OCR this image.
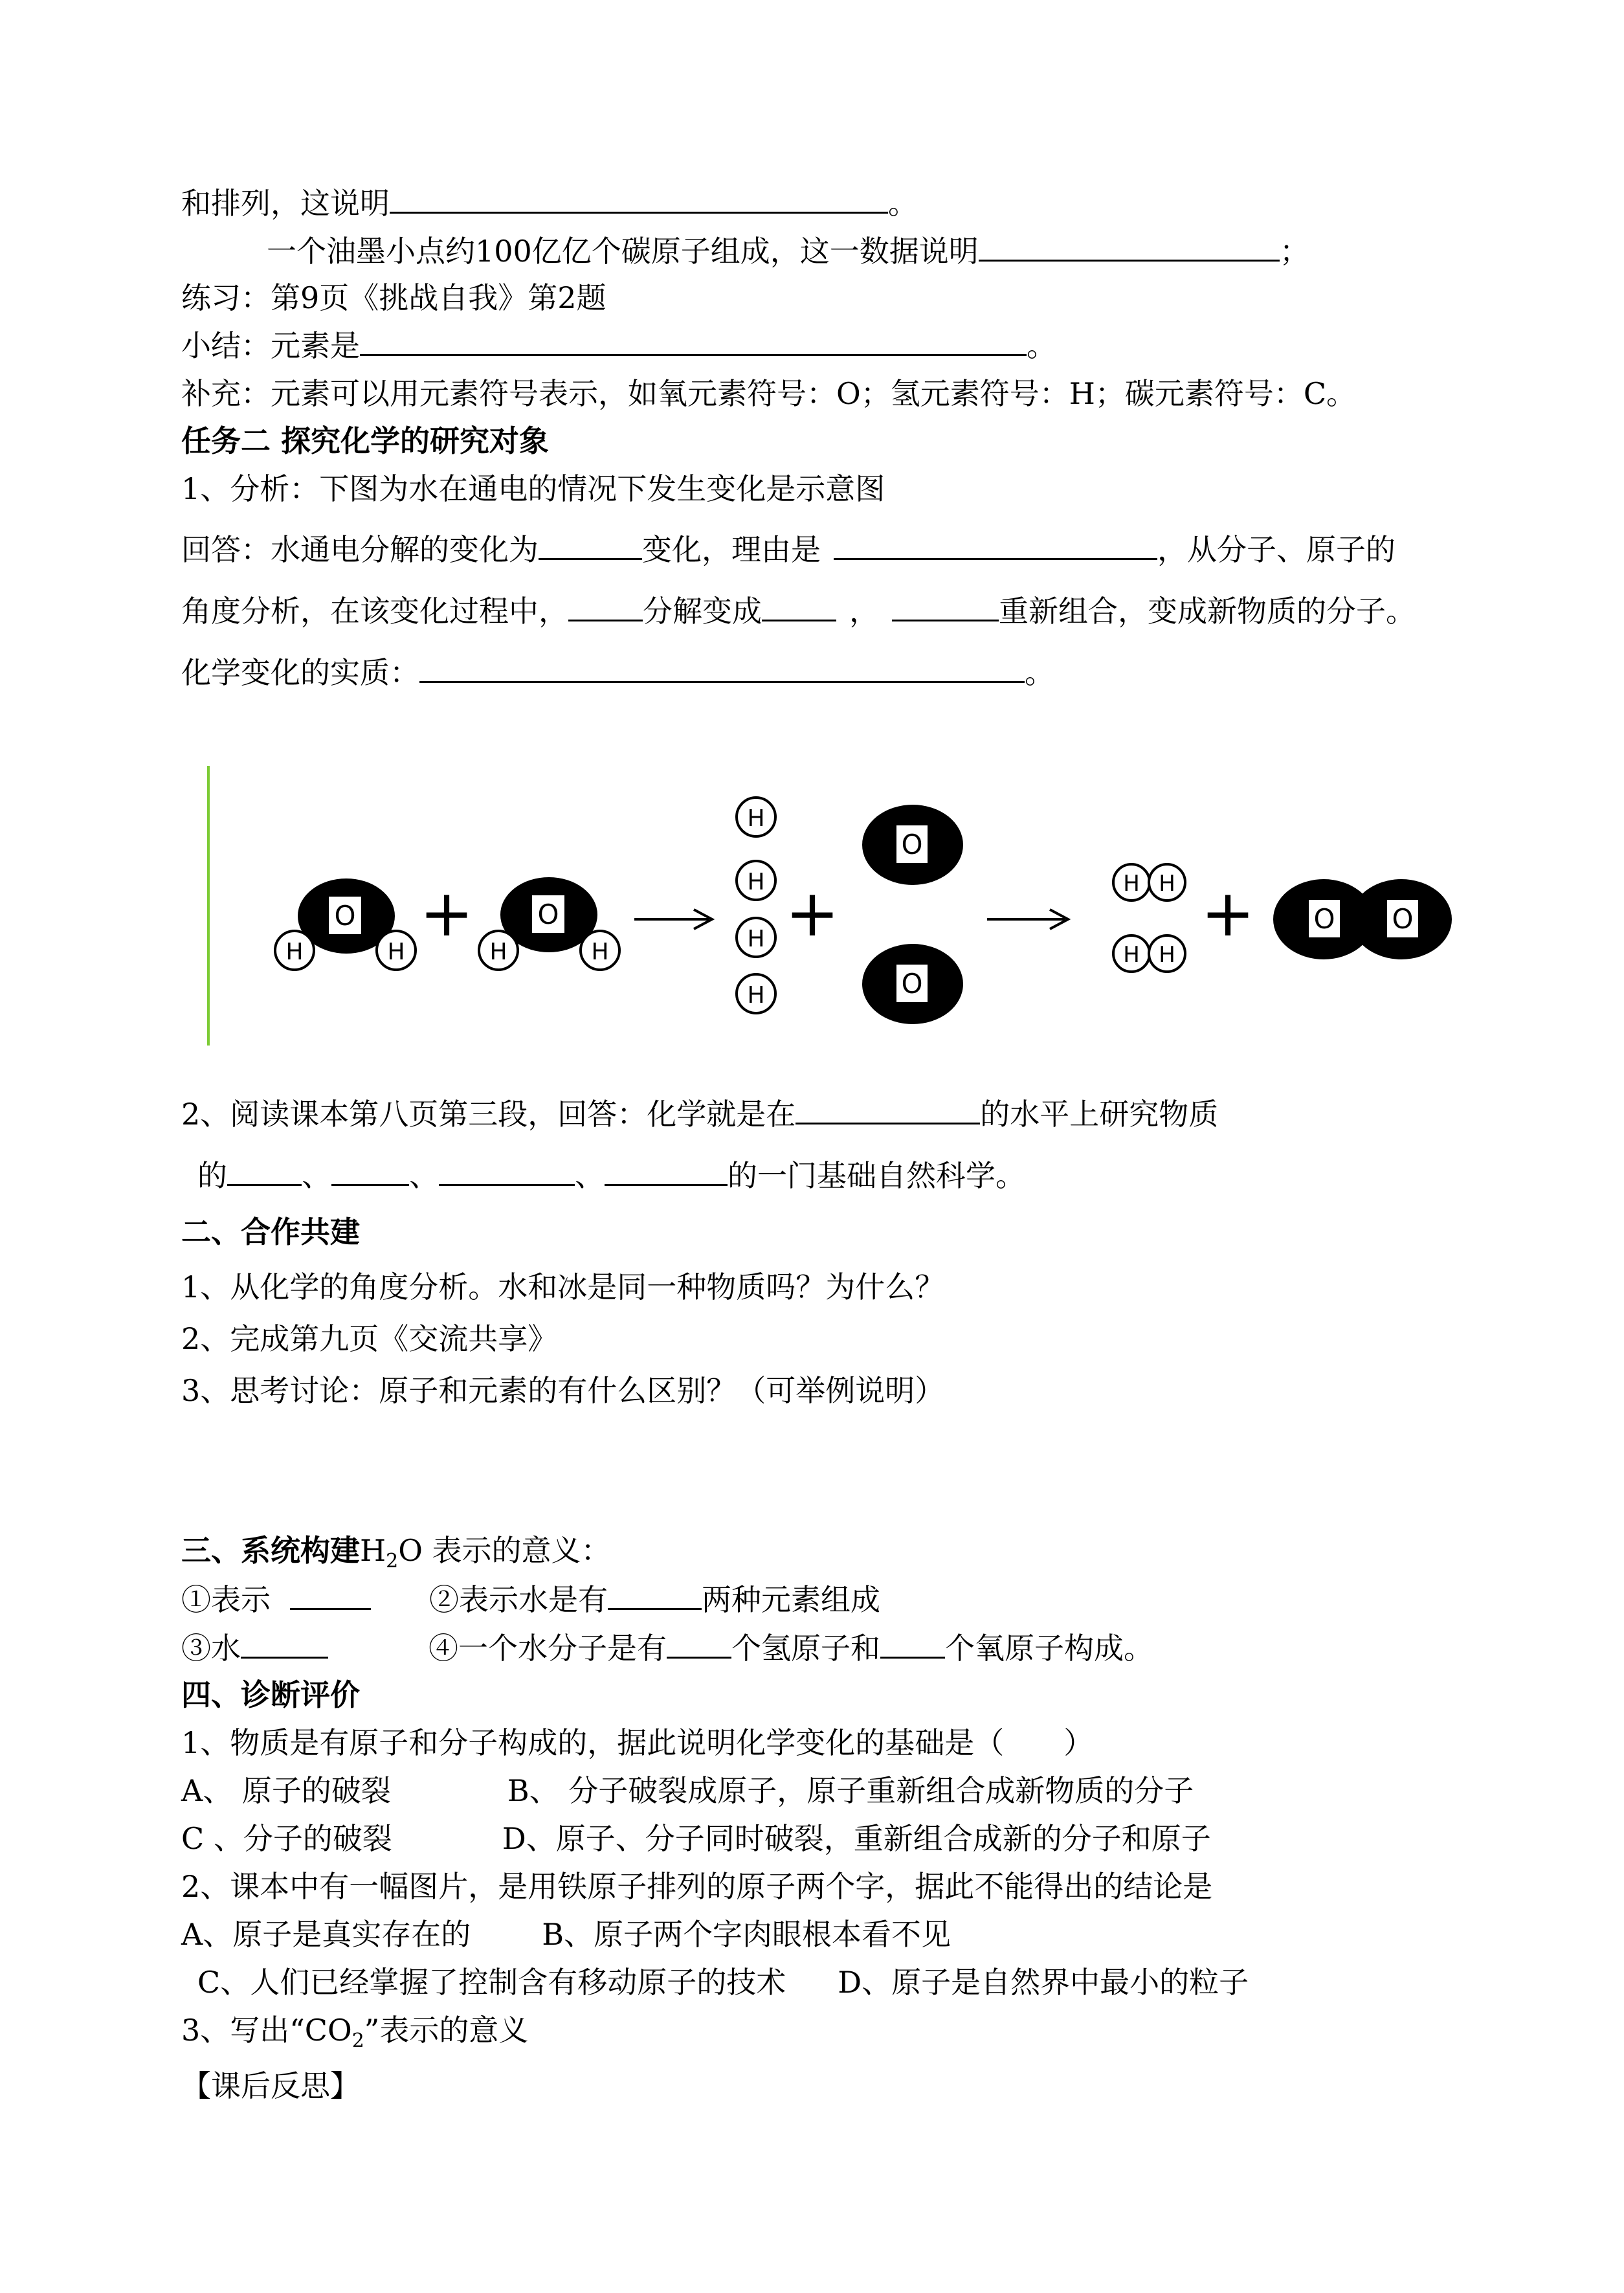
和排列，这说明	。
一个油墨小点约100亿亿个碳原子组成，这一数据说明	；
练习：第9页《挑战自我》第2题
小结：元素是	。
补充：元素可以用元素符号表示，如氧元素符号：O；氢元素符号：H；碳元素符号：C。
任务二 探究化学的研究对象
1、分析：下图为水在通电的情况下发生变化是示意图
回答：水通电分解的变化为	变化，理由是	，从分子、原子的
角度分析，在该变化过程中，	分解变成	，	重新组合，变成新物质的分子。
化学变化的实质：	。
O
H	H
+ O
H	H
H
H
H
H
+
O
O
H H
H H
+ O O
2、阅读课本第八页第三段，回答：化学就是在	的水平上研究物质
的	、	、	、	的一门基础自然科学。
二、合作共建
1、从化学的角度分析。水和冰是同一种物质吗？为什么？
2、完成第九页《交流共享》
3、思考讨论：原子和元素的有什么区别？（可举例说明）
三、系统构建$H_2O$ 表示的意义：
①表示	②表示水是有	两种元素组成
③水	④一个水分子是有 个氢原子和 个氧原子构成。
四、诊断评价
1、物质是有原子和分子构成的，据此说明化学变化的基础是（　　）
A、 原子的破裂	B、 分子破裂成原子，原子重新组合成新物质的分子
C 、分子的破裂	D、原子、分子同时破裂，重新组合成新的分子和原子
2、课本中有一幅图片，是用铁原子排列的原子两个字，据此不能得出的结论是
A、原子是真实存在的 B、原子两个字肉眼根本看不见
C、人们已经掌握了控制含有移动原子的技术 D、原子是自然界中最小的粒子
3、写出“$CO_2$”表示的意义
【课后反思】
